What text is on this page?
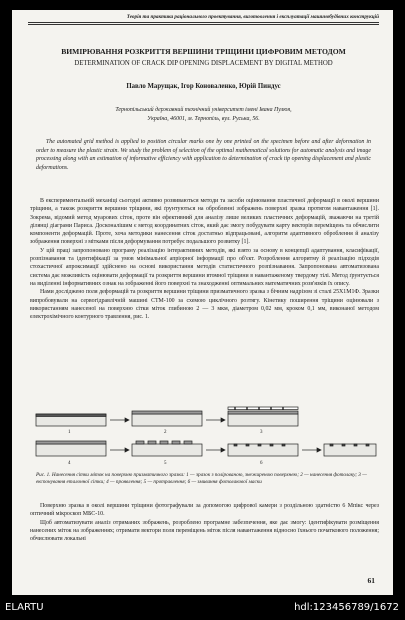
Теорія та практика раціонального проектування, виготовлення і експлуатації машинобудівних конструкцій
ВИМІРЮВАННЯ РОЗКРИТТЯ ВЕРШИНИ ТРІЩИНИ ЦИФРОВИМ МЕТОДОМ
DETERMINATION OF CRACK DIP OPENING DISPLACEMENT BY DIGITAL METHOD
Павло Марущак, Ігор Коноваленко, Юрій Пиндус
Тернопільський державний технічний університет імені Івана Пулюя,
Україна, 46001, м. Тернопіль, вул. Руська, 56.
The automated grid method is applied to position circular marks one by one printed on the specimen before and after deformation in order to measure the plastic strain. We study the problem of selection of the optimal mathematical solutions for automatic analysis and image processing along with an estimation of informative efficiency with application to determination of crack tip opening displacement and plastic deformations.

В експериментальній механіці сьогодні активно розвиваються методи та засоби оцінювання пластичної деформації в околі вершини тріщини, а також розкриття вершини тріщини, які ґрунтуються на обробленні зображень поверхні зразка протягом навантаження [1]. Зокрема, відомий метод муарових сіток, проте він ефективний для аналізу лише великих пластичних деформацій, зважаючи на третій ділянці діаграми Париса. Досконалішим є метод координатних сіток, який дає змогу побудувати карту векторів переміщень та обчислити компоненти деформацій. Проте, хоча методики нанесення сіток достатньо відпрацьовані, алгоритм адаптивного оброблення й аналізу зображення поверхні з мітками після деформування потребує подальшого розвитку [1].

У цій праці запропоновано програму реалізацію інтерактивних методів, які взято за основу в концепції адаптування, класифікації, розпізнавання та ідентифікації за умов мінімальної апріорної інформації про об'єкт. Розроблення алгоритму й реалізацію підходів стохастичної апроксимації здійснено на основі використання методів статистичного розпізнавання. Запропонована автоматизована система дає можливість оцінювати деформації та розкриття вершини втомної тріщини в навантаженому твердому тілі. Метод ґрунтується на виділенні інформативних ознак на зображенні його поверхні та знаходженні оптимальних математичних розв'язків їх опису.

Нами досліджено поля деформацій та розкриття вершини тріщини призматичного зразка з бічним надрізом зі сталі 25Х1М1Ф. Зразки випробовували на сервогідравлічній машині СТМ-100 за схемою циклічного розтягу. Кінетику поширення тріщини оцінювали з використанням нанесеної на поверхню сітки міток глибиною 2 — 3 мкм, діаметром 0,02 мм, кроком 0,1 мм, виконаної методом електрохімічного контурного травлення, рис. 1.

1	2	3
4	5	6
Рис. 1. Нанесення сітки міток на поверхню призматичного зразка: 1 — зразок з полірованою, знежиреною поверхнею; 2 — нанесення фотолаку; 3 — експонування еталонної сітки; 4 — проявлення; 5 — протравлення; 6 — змивання фотолакової маски

Поверхню зразка в околі вершини тріщини фотографували за допомогою цифрової камери з роздільною здатністю 6 Мпікс через оптичний мікроскоп МБС-10.

Щоб автоматизувати аналіз отриманих зображень, розроблено програмне забезпечення, яке дає змогу: ідентифікувати розміщення нанесених міток на зображеннях; отримати вектори поля переміщень міток після навантаження відносно їхнього початкового положення; обчислювати локальні

61
ELARTU	hdl:123456789/1672
